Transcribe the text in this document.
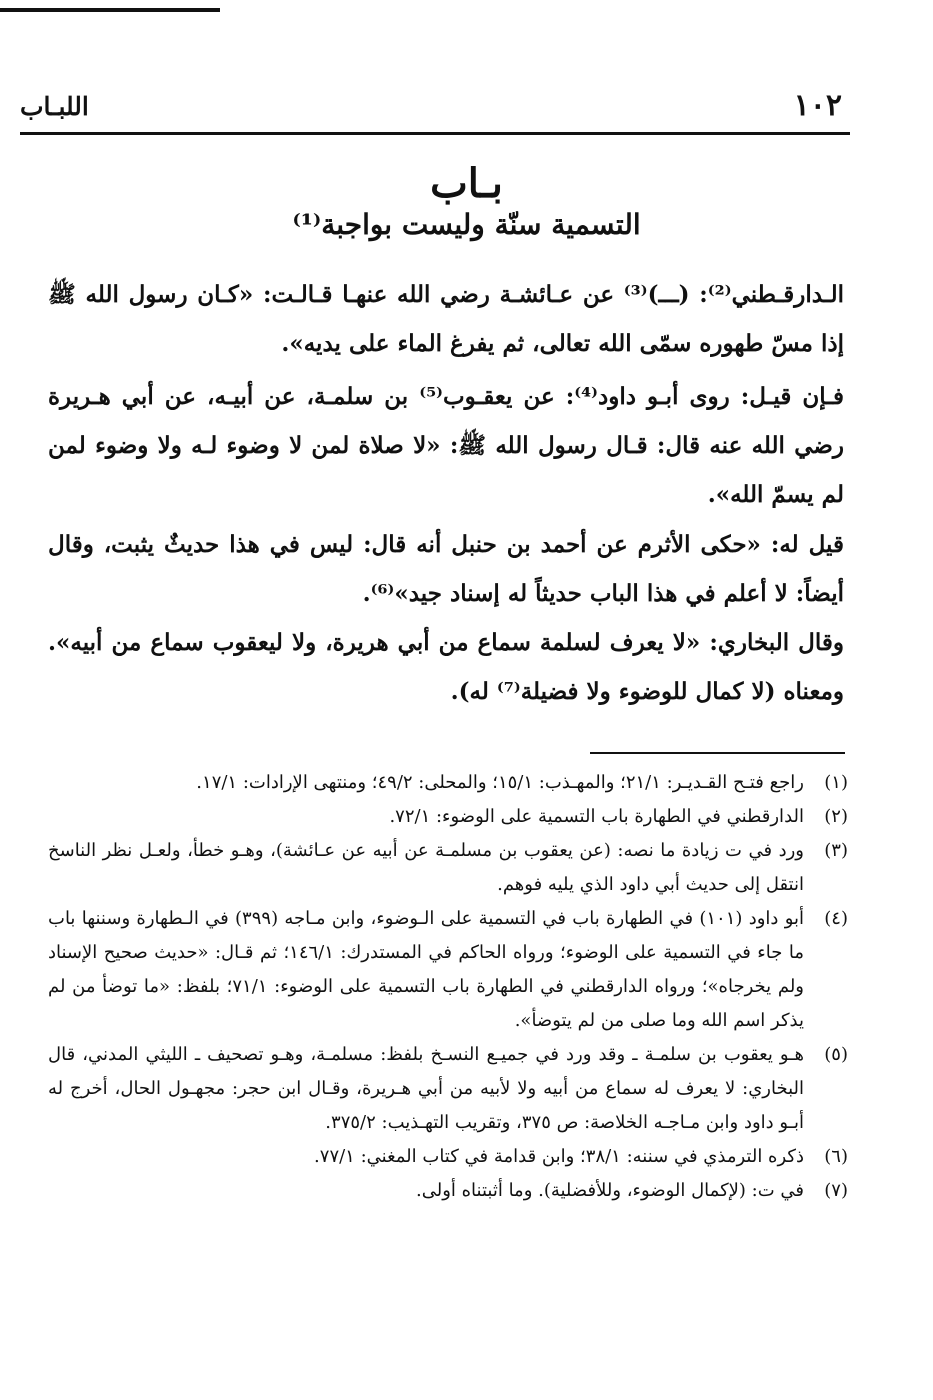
١٠٢
اللبـاب
بـاب
التسمية سنّة وليست بواجبة⁽¹⁾

الـدارقـطني⁽²⁾: (ـــ)⁽³⁾ عن عـائشـة رضي الله عنهـا قـالـت: «كـان رسول الله ﷺ إذا مسّ طهوره سمّى الله تعالى، ثم يفرغ الماء على يديه».

فـإن قيـل: روى أبـو داود⁽⁴⁾: عن يعقـوب⁽⁵⁾ بن سلمـة، عن أبيـه، عن أبي هـريرة رضي الله عنه قال: قـال رسول الله ﷺ: «لا صلاة لمن لا وضوء لـه ولا وضوء لمن لم يسمّ الله».

قيل له: «حكى الأثرم عن أحمد بن حنبل أنه قال: ليس في هذا حديثٌ يثبت، وقال أيضاً: لا أعلم في هذا الباب حديثاً له إسناد جيد»⁽⁶⁾.

وقال البخاري: «لا يعرف لسلمة سماع من أبي هريرة، ولا ليعقوب سماع من أبيه». ومعناه (لا كمال للوضوء ولا فضيلة⁽⁷⁾ له).

(١)
راجع فتـح القـديـر: ٢١/١؛ والمهـذب: ١٥/١؛ والمحلى: ٤٩/٢؛ ومنتهى الإرادات: ١٧/١.
(٢)
الدارقطني في الطهارة باب التسمية على الوضوء: ٧٢/١.
(٣)
ورد في ت زيادة ما نصه: (عن يعقوب بن مسلمـة عن أبيه عن عـائشة)، وهـو خطأ، ولعـل نظر الناسخ انتقل إلى حديث أبي داود الذي يليه فوهم.
(٤)
أبو داود (١٠١) في الطهارة باب في التسمية على الـوضوء، وابن مـاجه (٣٩٩) في الـطهارة وسننها باب ما جاء في التسمية على الوضوء؛ ورواه الحاكم في المستدرك: ١٤٦/١؛ ثم قـال: «حديث صحيح الإسناد ولم يخرجاه»؛ ورواه الدارقطني في الطهارة باب التسمية على الوضوء: ٧١/١؛ بلفظ: «ما توضأ من لم يذكر اسم الله وما صلى من لم يتوضأ».
(٥)
هـو يعقوب بن سلمـة ـ وقد ورد في جميـع النسـخ بلفظ: مسلمـة، وهـو تصحيف ـ الليثي المدني، قال البخاري: لا يعرف له سماع من أبيه ولا لأبيه من أبي هـريرة، وقـال ابن حجر: مجهـول الحال، أخرج له أبـو داود وابن مـاجـه الخلاصة: ص ٣٧٥، وتقريب التهـذيب: ٣٧٥/٢.
(٦)
ذكره الترمذي في سننه: ٣٨/١؛ وابن قدامة في كتاب المغني: ٧٧/١.
(٧)
في ت: (لإكمال الوضوء، وللأفضلية). وما أثبتناه أولى.
